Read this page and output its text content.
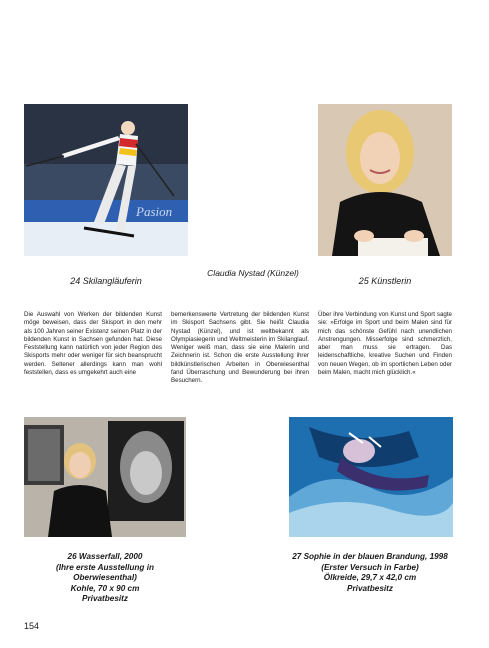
Pasion
24 Skilangläuferin
Claudia Nystad (Künzel)
25 Künstlerin
Die Auswahl von Werken der bildenden Kunst möge beweisen, dass der Skisport in den mehr als 100 Jahren seiner Existenz seinen Platz in der bildenden Kunst in Sachsen gefunden hat. Diese Feststellung kann natürlich von jeder Region des Skisports mehr oder weniger für sich beansprucht werden. Seltener allerdings kann man wohl feststellen, dass es umgekehrt auch eine
bemerkenswerte Vertretung der bildenden Kunst im Skisport Sachsens gibt. Sie heißt Claudia Nystad (Künzel), und ist weltbekannt als Olympiasiegerin und Weltmeisterin im Skilanglauf. Weniger weiß man, dass sie eine Malerin und Zeichnerin ist. Schon die erste Ausstellung ihrer bildkünstlerischen Arbeiten in Oberwiesenthal fand Überraschung und Bewunderung bei ihren Besuchern.
Über ihre Verbindung von Kunst und Sport sagte sie: »Erfolge im Sport und beim Malen sind für mich das schönste Gefühl nach unendlichen Anstrengungen. Misserfolge sind schmerzlich, aber man muss sie ertragen. Das leidenschaftliche, kreative Suchen und Finden von neuen Wegen, ob im sportlichen Leben oder beim Malen, macht mich glücklich.«
26 Wasserfall, 2000
(Ihre erste Ausstellung in Oberwiesenthal)
Kohle, 70 x 90 cm
Privatbesitz
27 Sophie in der blauen Brandung, 1998
(Erster Versuch in Farbe)
Ölkreide, 29,7 x 42,0 cm
Privatbesitz
154
